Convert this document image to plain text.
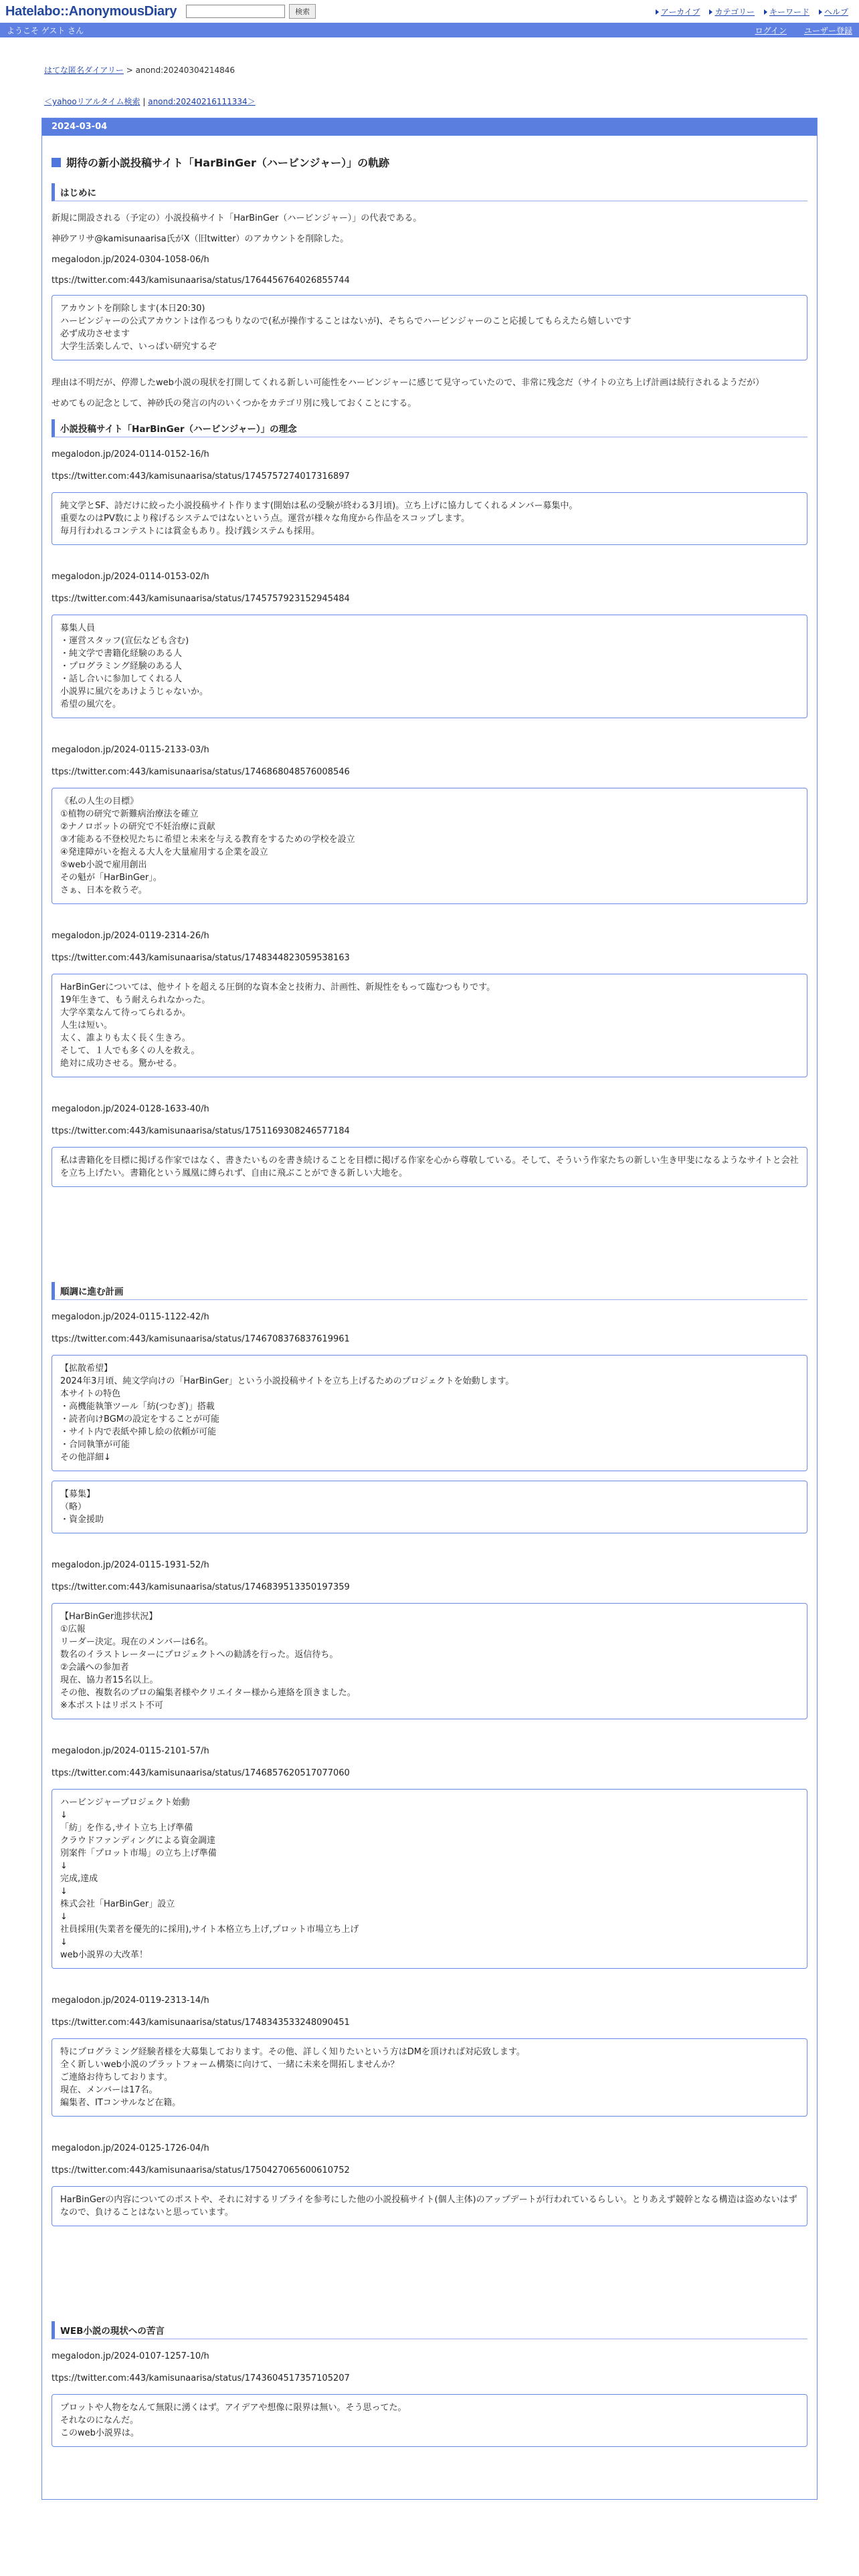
Hatelabo::AnonymousDiary	検索	アーカイブ	カテゴリー	キーワード	ヘルプ
ようこそ ゲスト さん	ログイン ユーザー登録
はてな匿名ダイアリー > anond:20240304214846
＜yahooリアルタイム検索 | anond:20240216111334＞
2024-03-04
期待の新小説投稿サイト「HarBinGer（ハービンジャー）」の軌跡
はじめに

新規に開設される（予定の）小説投稿サイト「HarBinGer（ハービンジャー）」の代表である。

神砂アリサ@kamisunaarisa氏がX（旧twitter）のアカウントを削除した。

megalodon.jp/2024-0304-1058-06/h

ttps://twitter.com:443/kamisunaarisa/status/1764456764026855744

アカウントを削除します(本日20:30)
ハービンジャーの公式アカウントは作るつもりなので(私が操作することはないが)、そちらでハービンジャーのこと応援してもらえたら嬉しいです
必ず成功させます
大学生活楽しんで、いっぱい研究するぞ

理由は不明だが、停滞したweb小説の現状を打開してくれる新しい可能性をハービンジャーに感じて見守っていたので、非常に残念だ（サイトの立ち上げ計画は続行されるようだが）

せめてもの記念として、神砂氏の発言の内のいくつかをカテゴリ別に残しておくことにする。

小説投稿サイト「HarBinGer（ハービンジャー）」の理念

megalodon.jp/2024-0114-0152-16/h

ttps://twitter.com:443/kamisunaarisa/status/1745757274017316897

純文学とSF、詩だけに絞った小説投稿サイト作ります(開始は私の受験が終わる3月頃)。立ち上げに協力してくれるメンバー募集中。
重要なのはPV数により稼げるシステムではないという点。運営が様々な角度から作品をスコップします。
毎月行われるコンテストには賞金もあり。投げ銭システムも採用。

megalodon.jp/2024-0114-0153-02/h

ttps://twitter.com:443/kamisunaarisa/status/1745757923152945484

募集人員
・運営スタッフ(宣伝なども含む)
・純文学で書籍化経験のある人
・プログラミング経験のある人
・話し合いに参加してくれる人
小説界に風穴をあけようじゃないか。
希望の風穴を。

megalodon.jp/2024-0115-2133-03/h

ttps://twitter.com:443/kamisunaarisa/status/1746868048576008546

《私の人生の目標》
①植物の研究で新難病治療法を確立
②ナノロボットの研究で不妊治療に貢献
③才能ある不登校児たちに希望と未来を与える教育をするための学校を設立
④発達障がいを抱える大人を大量雇用する企業を設立
⑤web小説で雇用創出
その魁が「HarBinGer」。
さぁ、日本を救うぞ。

megalodon.jp/2024-0119-2314-26/h

ttps://twitter.com:443/kamisunaarisa/status/1748344823059538163

HarBinGerについては、他サイトを超える圧倒的な資本金と技術力、計画性、新規性をもって臨むつもりです。
19年生きて、もう耐えられなかった。
大学卒業なんて待ってられるか。
人生は短い。
太く、誰よりも太く長く生きろ。
そして、１人でも多くの人を救え。
絶対に成功させる。驚かせる。

megalodon.jp/2024-0128-1633-40/h

ttps://twitter.com:443/kamisunaarisa/status/1751169308246577184

私は書籍化を目標に掲げる作家ではなく、書きたいものを書き続けることを目標に掲げる作家を心から尊敬している。そして、そういう作家たちの新しい生き甲斐になるようなサイトと会社を立ち上げたい。書籍化という鳳凰に縛られず、自由に飛ぶことができる新しい大地を。
順調に進む計画

megalodon.jp/2024-0115-1122-42/h

ttps://twitter.com:443/kamisunaarisa/status/1746708376837619961

【拡散希望】
2024年3月頃、純文学向けの「HarBinGer」という小説投稿サイトを立ち上げるためのプロジェクトを始動します。
本サイトの特色
・高機能執筆ツール「紡(つむぎ)」搭載
・読者向けBGMの設定をすることが可能
・サイト内で表紙や挿し絵の依頼が可能
・合同執筆が可能
その他詳細↓
【募集】
（略）
・資金援助

megalodon.jp/2024-0115-1931-52/h

ttps://twitter.com:443/kamisunaarisa/status/1746839513350197359

【HarBinGer進捗状況】
①広報
リーダー決定。現在のメンバーは6名。
数名のイラストレーターにプロジェクトへの勧誘を行った。返信待ち。
②会議への参加者
現在、協力者15名以上。
その他、複数名のプロの編集者様やクリエイター様から連絡を頂きました。
※本ポストはリポスト不可

megalodon.jp/2024-0115-2101-57/h

ttps://twitter.com:443/kamisunaarisa/status/1746857620517077060

ハービンジャープロジェクト始動
↓
「紡」を作る,サイト立ち上げ準備
クラウドファンディングによる資金調達
別案件「プロット市場」の立ち上げ準備
↓
完成,達成
↓
株式会社「HarBinGer」設立
↓
社員採用(失業者を優先的に採用),サイト本格立ち上げ,プロット市場立ち上げ
↓
web小説界の大改革！

megalodon.jp/2024-0119-2313-14/h

ttps://twitter.com:443/kamisunaarisa/status/1748343533248090451

特にプログラミング経験者様を大募集しております。その他、詳しく知りたいという方はDMを頂ければ対応致します。
全く新しいweb小説のプラットフォーム構築に向けて、一緒に未来を開拓しませんか？
ご連絡お待ちしております。
現在、メンバーは17名。
編集者、ITコンサルなど在籍。

megalodon.jp/2024-0125-1726-04/h

ttps://twitter.com:443/kamisunaarisa/status/1750427065600610752

HarBinGerの内容についてのポストや、それに対するリプライを参考にした他の小説投稿サイト(個人主体)のアップデートが行われているらしい。とりあえず競幹となる構造は盗めないはずなので、負けることはないと思っています。
WEB小説の現状への苦言

megalodon.jp/2024-0107-1257-10/h

ttps://twitter.com:443/kamisunaarisa/status/1743604517357105207

プロットや人物をなんて無限に湧くはず。アイデアや想像に限界は無い。そう思ってた。
それなのになんだ。
このweb小説界は。
